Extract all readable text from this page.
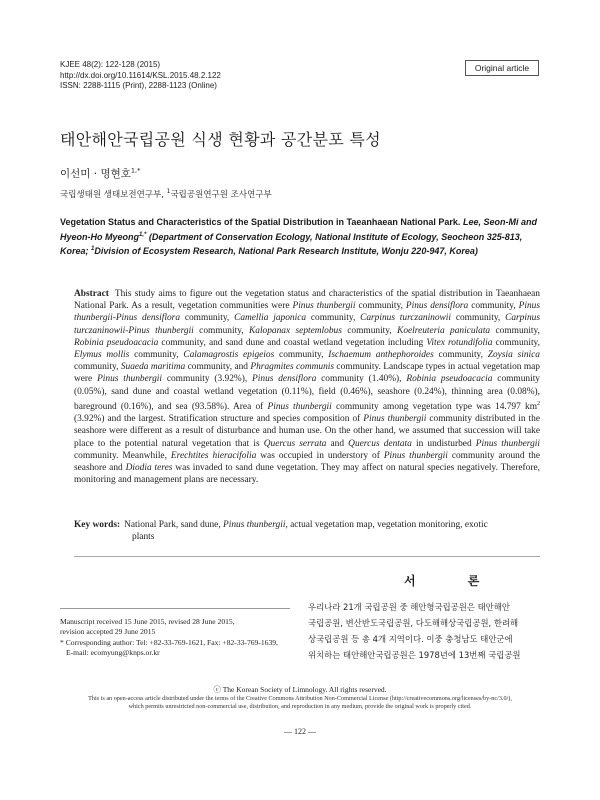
KJEE 48(2): 122-128 (2015)
http://dx.doi.org/10.11614/KSL.2015.48.2.122
ISSN: 2288-1115 (Print), 2288-1123 (Online)
Original article
태안해안국립공원 식생 현황과 공간분포 특성
이선미 · 명현호$^{1,*}$
국립생태원 생태보전연구부, $^1$국립공원연구원 조사연구부
Vegetation Status and Characteristics of the Spatial Distribution in Taeanhaean National Park. Lee, Seon-Mi and Hyeon-Ho Myeong$^{1,*}$ (Department of Conservation Ecology, National Institute of Ecology, Seocheon 325-813, Korea; $^1$Division of Ecosystem Research, National Park Research Institute, Wonju 220-947, Korea)
Abstract This study aims to figure out the vegetation status and characteristics of the spatial distribution in Taeanhaean National Park. As a result, vegetation communities were Pinus thunbergii community, Pinus densiflora community, Pinus thunbergii-Pinus densiflora community, Camellia japonica community, Carpinus turczaninowii community, Carpinus turczaninowii-Pinus thunbergii community, Kalopanax septemlobus community, Koelreuteria paniculata community, Robinia pseudoacacia community, and sand dune and coastal wetland vegetation including Vitex rotundifolia community, Elymus mollis community, Calamagrostis epigeios community, Ischaemum anthephoroides community, Zoysia sinica community, Suaeda maritima community, and Phragmites communis community. Landscape types in actual vegetation map were Pinus thunbergii community (3.92%), Pinus densiflora community (1.40%), Robinia pseudoacacia community (0.05%), sand dune and coastal wetland vegetation (0.11%), field (0.46%), seashore (0.24%), thinning area (0.08%), bareground (0.16%), and sea (93.58%). Area of Pinus thunbergii community among vegetation type was 14.797 $km^2$ (3.92%) and the largest. Stratification structure and species composition of Pinus thunbergii community distributed in the seashore were different as a result of disturbance and human use. On the other hand, we assumed that succession will take place to the potential natural vegetation that is Quercus serrata and Quercus dentata in undisturbed Pinus thunbergii community. Meanwhile, Erechtites hieracifolia was occupied in understory of Pinus thunbergii community around the seashore and Diodia teres was invaded to sand dune vegetation. They may affect on natural species negatively. Therefore, monitoring and management plans are necessary.
Key words: National Park, sand dune, Pinus thunbergii, actual vegetation map, vegetation monitoring, exotic
plants
서 론
우리나라 21개 국립공원 중 해안형국립공원은 태안해안
국립공원, 변산반도국립공원, 다도해해상국립공원, 한려해
상국립공원 등 총 4개 지역이다. 이중 충청남도 태안군에
위치하는 태안해안국립공원은 1978년에 13번째 국립공원
Manuscript received 15 June 2015, revised 28 June 2015,
revision accepted 29 June 2015
* Corresponding author: Tel: +82-33-769-1621, Fax: +82-33-769-1639,
E-mail: ecomyung@knps.or.kr
ⓒ The Korean Society of Limnology. All rights reserved.
This is an open-access article distributed under the terms of the Creative Commons Attribution Non-Commercial License (http://creativecommons.org/licenses/by-nc/3.0/),
which permits unrestricted non-commercial use, distribution, and reproduction in any medium, provide the original work is properly cited.
— 122 —
